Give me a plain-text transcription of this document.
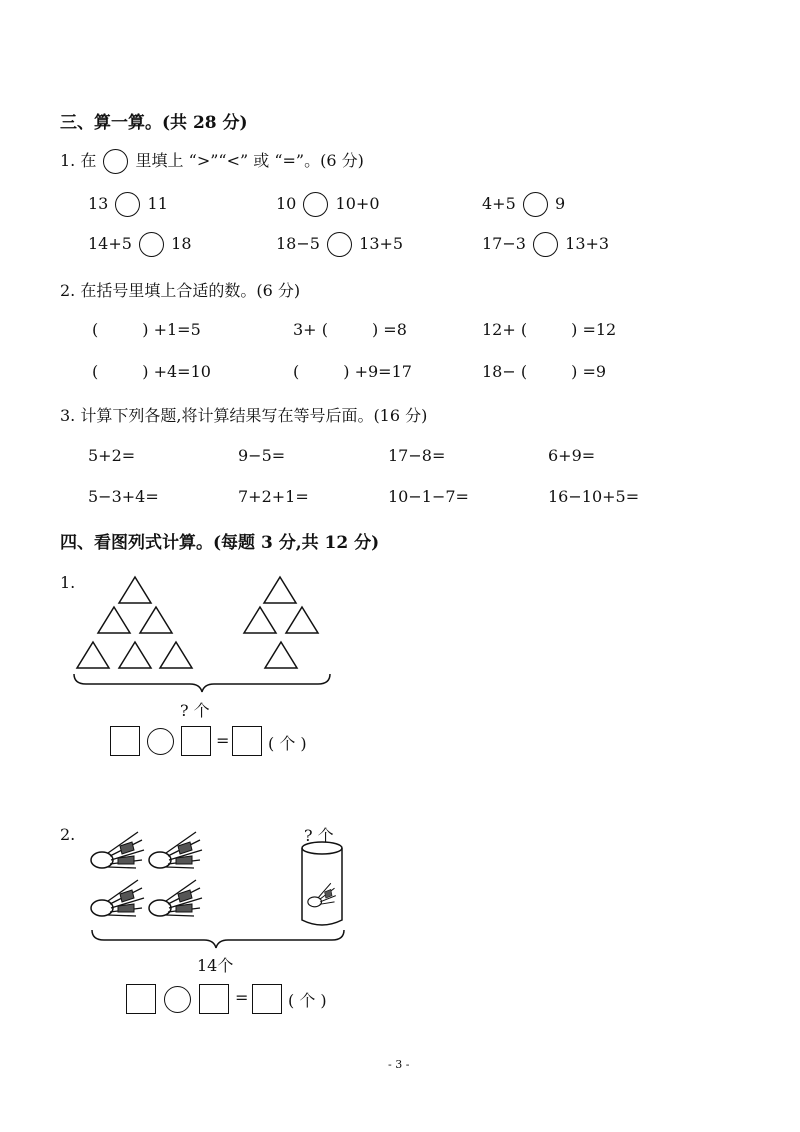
三、算一算。(共 28 分)
1. 在 里填上 “>”“<” 或 “=”。(6 分)
13 11	10 10+0	4+5 9
14+5 18	18−5 13+5	17−3 13+3
2. 在括号里填上合适的数。(6 分)
(	) +1=5	3+ (	) =8	12+ (	) =12
(	) +4=10	(	) +9=17	18− (	) =9
3. 计算下列各题,将计算结果写在等号后面。(16 分)
5+2=	9−5=	17−8=	6+9=
5−3+4=	7+2+1=	10−1−7=	16−10+5=
四、看图列式计算。(每题 3 分,共 12 分)
1.
? 个
= ( 个 )
2.	? 个
14个
= ( 个 )
- 3 -
